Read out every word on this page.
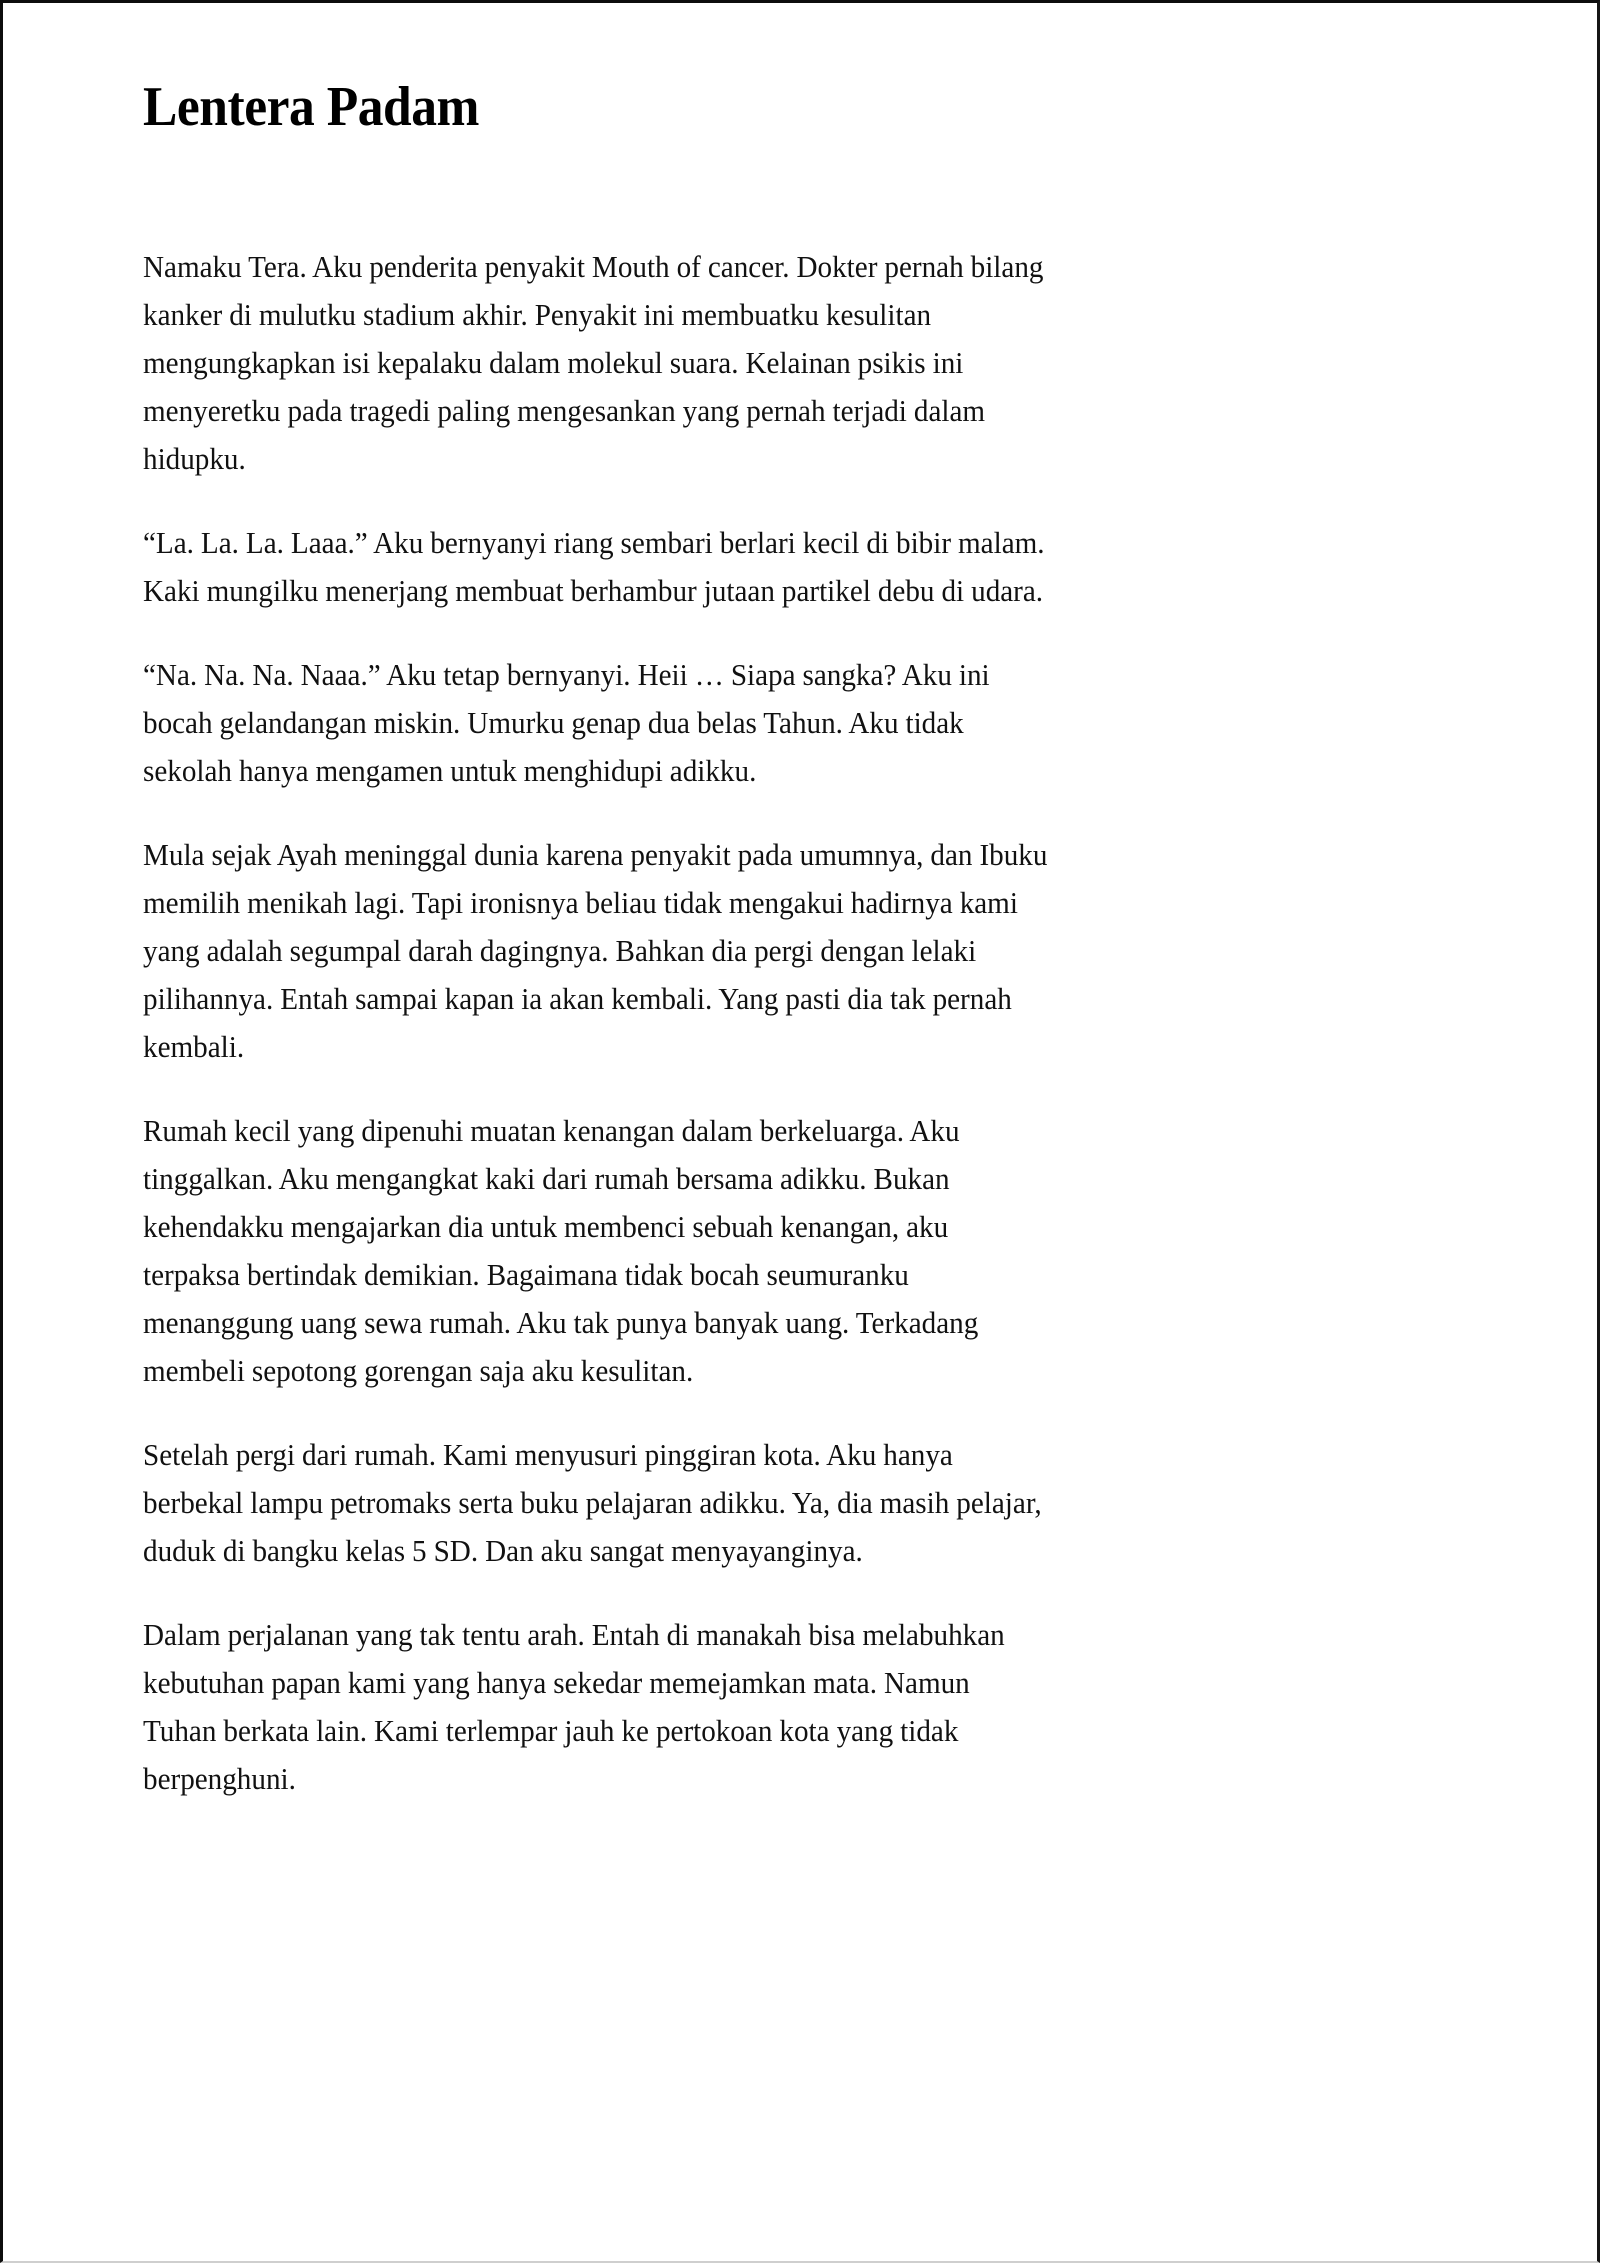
Lentera Padam

Namaku Tera. Aku penderita penyakit Mouth of cancer. Dokter pernah bilang kanker di mulutku stadium akhir. Penyakit ini membuatku kesulitan mengungkapkan isi kepalaku dalam molekul suara. Kelainan psikis ini menyeretku pada tragedi paling mengesankan yang pernah terjadi dalam hidupku.

“La. La. La. Laaa.” Aku bernyanyi riang sembari berlari kecil di bibir malam. Kaki mungilku menerjang membuat berhambur jutaan partikel debu di udara.

“Na. Na. Na. Naaa.” Aku tetap bernyanyi. Heii … Siapa sangka? Aku ini bocah gelandangan miskin. Umurku genap dua belas Tahun. Aku tidak sekolah hanya mengamen untuk menghidupi adikku.

Mula sejak Ayah meninggal dunia karena penyakit pada umumnya, dan Ibuku memilih menikah lagi. Tapi ironisnya beliau tidak mengakui hadirnya kami yang adalah segumpal darah dagingnya. Bahkan dia pergi dengan lelaki pilihannya. Entah sampai kapan ia akan kembali. Yang pasti dia tak pernah kembali.

Rumah kecil yang dipenuhi muatan kenangan dalam berkeluarga. Aku tinggalkan. Aku mengangkat kaki dari rumah bersama adikku. Bukan kehendakku mengajarkan dia untuk membenci sebuah kenangan, aku terpaksa bertindak demikian. Bagaimana tidak bocah seumuranku menanggung uang sewa rumah. Aku tak punya banyak uang. Terkadang membeli sepotong gorengan saja aku kesulitan.

Setelah pergi dari rumah. Kami menyusuri pinggiran kota. Aku hanya berbekal lampu petromaks serta buku pelajaran adikku. Ya, dia masih pelajar, duduk di bangku kelas 5 SD. Dan aku sangat menyayanginya.

Dalam perjalanan yang tak tentu arah. Entah di manakah bisa melabuhkan kebutuhan papan kami yang hanya sekedar memejamkan mata. Namun Tuhan berkata lain. Kami terlempar jauh ke pertokoan kota yang tidak berpenghuni.
